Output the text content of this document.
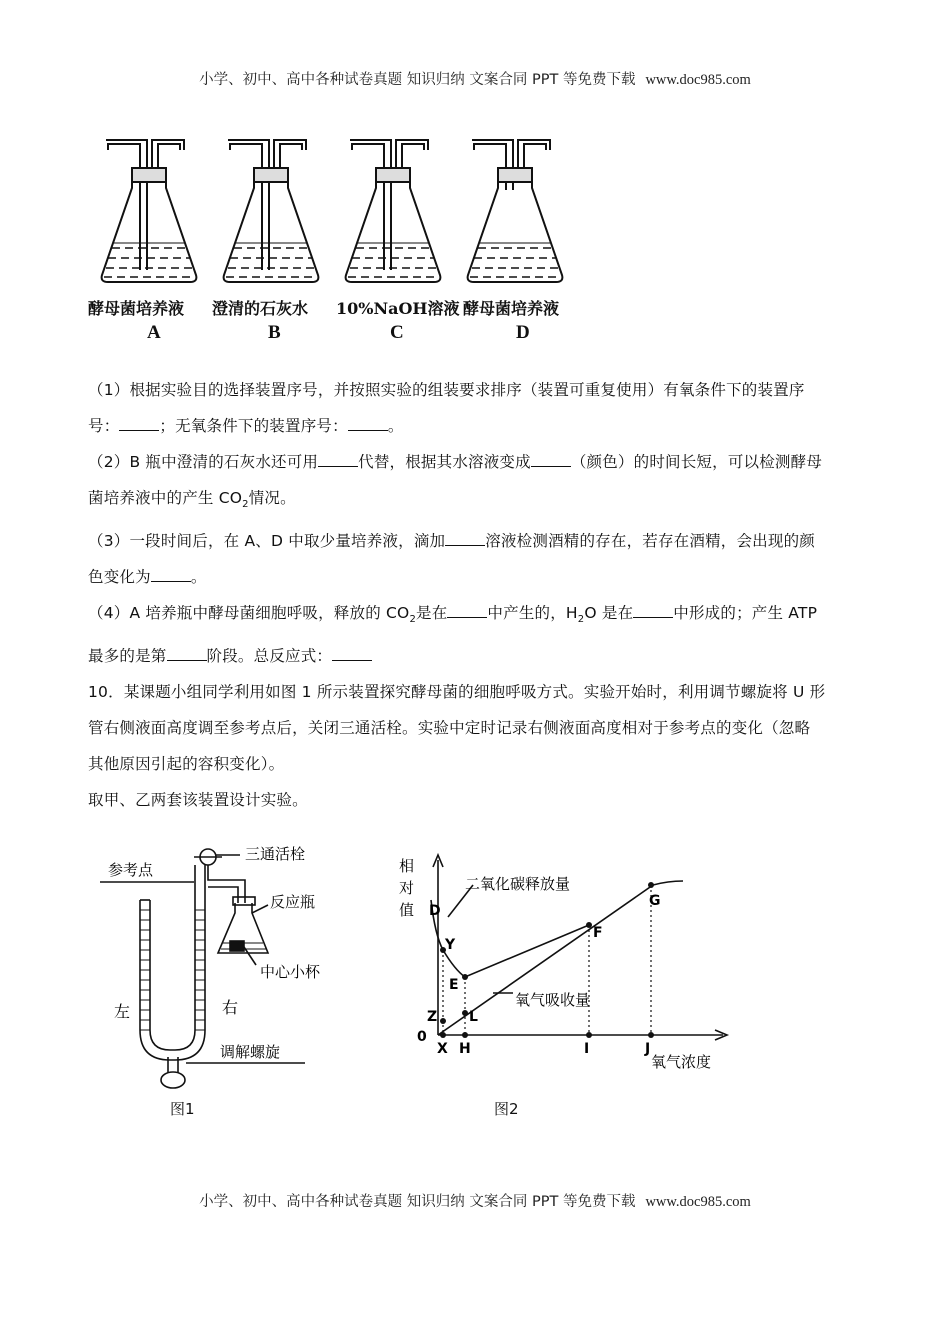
小学、初中、高中各种试卷真题 知识归纳 文案合同 PPT 等免费下载 www.doc985.com
酵母菌培养液 澄清的石灰水 10%NaOH溶液 酵母菌培养液
A	B	C	D

（1）根据实验目的选择装置序号，并按照实验的组装要求排序（装置可重复使用）有氧条件下的装置序

号：	；无氧条件下的装置序号：	。

（2）B 瓶中澄清的石灰水还可用	代替，根据其水溶液变成	（颜色）的时间长短，可以检测酵母

菌培养液中的产生 $CO_2$情况。

（3）一段时间后，在 A、D 中取少量培养液，滴加	溶液检测酒精的存在，若存在酒精，会出现的颜

色变化为	。

（4）A 培养瓶中酵母菌细胞呼吸，释放的 $CO_2$是在	中产生的，$H_2O$ 是在	中形成的；产生 ATP

最多的是第	阶段。总反应式：

10．某课题小组同学利用如图 1 所示装置探究酵母菌的细胞呼吸方式。实验开始时，利用调节螺旋将 U 形

管右侧液面高度调至参考点后，关闭三通活栓。实验中定时记录右侧液面高度相对于参考点的变化（忽略

其他原因引起的容积变化）。

取甲、乙两套该装置设计实验。

参考点
三通活栓
反应瓶
中心小杯
左	右
调解螺旋
图1
相
对
值
二氧化碳释放量
氧气吸收量
氧气浓度
0
D
Y
E
Z L
F
G
X H	I	J
图2
小学、初中、高中各种试卷真题 知识归纳 文案合同 PPT 等免费下载 www.doc985.com
